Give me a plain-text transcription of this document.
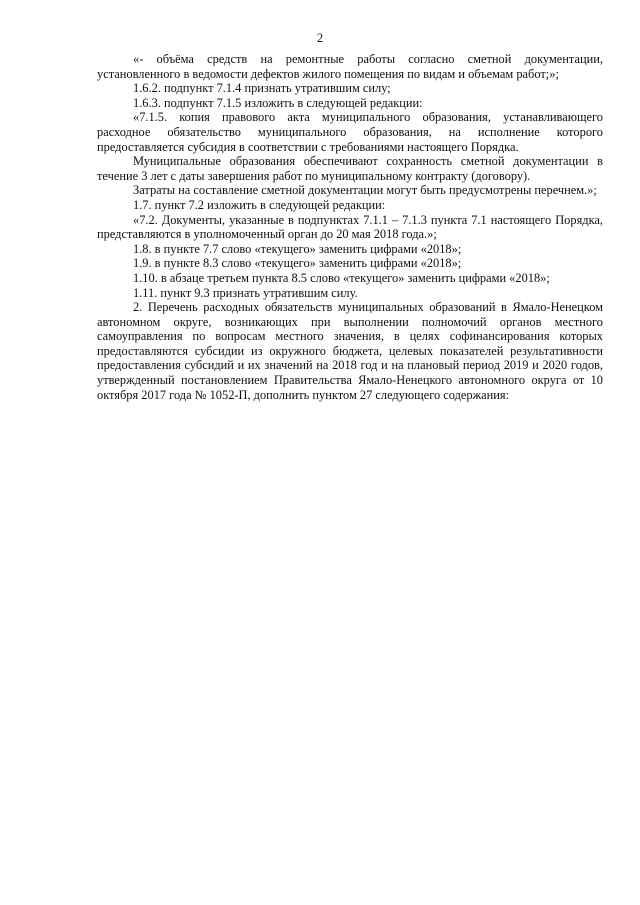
2

«- объёма средств на ремонтные работы согласно сметной документации, установленного в ведомости дефектов жилого помещения по видам и объемам работ;»;

1.6.2. подпункт 7.1.4 признать утратившим силу;

1.6.3. подпункт 7.1.5 изложить в следующей редакции:

«7.1.5. копия правового акта муниципального образования, устанавливающего расходное обязательство муниципального образования, на исполнение которого предоставляется субсидия в соответствии с требованиями настоящего Порядка.

Муниципальные образования обеспечивают сохранность сметной документации в течение 3 лет с даты завершения работ по муниципальному контракту (договору).

Затраты на составление сметной документации могут быть предусмотрены перечнем.»;

1.7. пункт 7.2 изложить в следующей редакции:

«7.2. Документы, указанные в подпунктах 7.1.1 – 7.1.3 пункта 7.1 настоящего Порядка, представляются в уполномоченный орган до 20 мая 2018 года.»;

1.8. в пункте 7.7 слово «текущего» заменить цифрами «2018»;

1.9. в пункте 8.3 слово «текущего» заменить цифрами «2018»;

1.10. в абзаце третьем пункта 8.5 слово «текущего» заменить цифрами «2018»;

1.11. пункт 9.3 признать утратившим силу.

2. Перечень расходных обязательств муниципальных образований в Ямало-Ненецком автономном округе, возникающих при выполнении полномочий органов местного самоуправления по вопросам местного значения, в целях софинансирования которых предоставляются субсидии из окружного бюджета, целевых показателей результативности предоставления субсидий и их значений на 2018 год и на плановый период 2019 и 2020 годов, утвержденный постановлением Правительства Ямало-Ненецкого автономного округа от 10 октября 2017 года № 1052-П, дополнить пунктом 27 следующего содержания:
